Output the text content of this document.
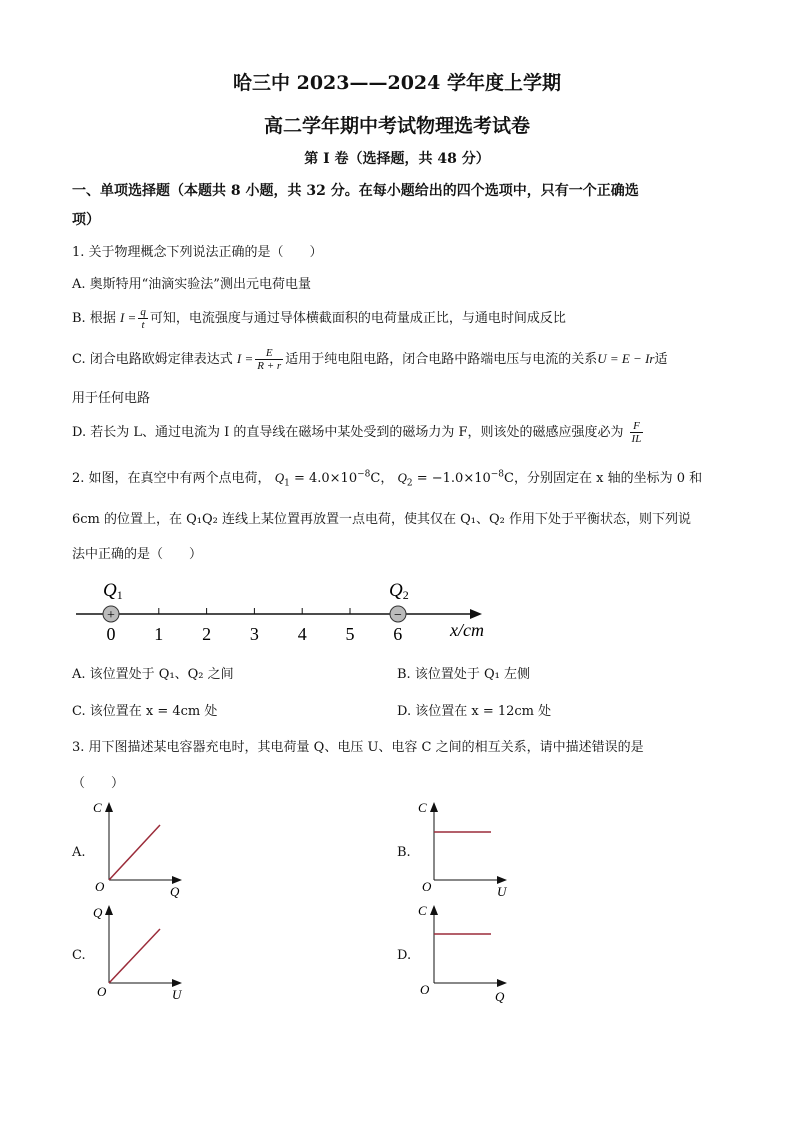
哈三中 2023——2024 学年度上学期
高二学年期中考试物理选考试卷
第 I 卷（选择题，共 48 分）
一、单项选择题（本题共 8 小题，共 32 分。在每小题给出的四个选项中，只有一个正确选
项）
1. 关于物理概念下列说法正确的是（　　）
A. 奥斯特用“油滴实验法”测出元电荷电量
B. 根据 $I = \frac{q}{t}$ 可知，电流强度与通过导体横截面积的电荷量成正比，与通电时间成反比
C. 闭合电路欧姆定律表达式 $I = \frac{E}{R + r}$ 适用于纯电阻电路，闭合电路中路端电压与电流的关系U = E − Ir适
用于任何电路
D. 若长为 L、通过电流为 I 的直导线在磁场中某处受到的磁场力为 F，则该处的磁感应强度必为 $\frac{F}{IL}$
2. 如图，在真空中有两个点电荷， $Q_1 = 4.0\times 10^{-8}C$， $Q_2 = -1.0\times 10^{-8}C$，分别固定在 x 轴的坐标为 0 和
6cm 的位置上，在 Q₁Q₂ 连线上某位置再放置一点电荷，使其仅在 Q₁、Q₂ 作用下处于平衡状态，则下列说
法中正确的是（　　）
0 1 2 3 4 5 6
+	−
Q1	Q2
x/cm
A. 该位置处于 Q₁、Q₂ 之间	B. 该位置处于 Q₁ 左侧
C. 该位置在 x = 4cm 处	D. 该位置在 x = 12cm 处
3. 用下图描述某电容器充电时，其电荷量 Q、电压 U、电容 C 之间的相互关系，请中描述错误的是
（　　）
A.
C
Q
O
B.
C
U
O
C.
Q
U
O
D.
C
Q
O
